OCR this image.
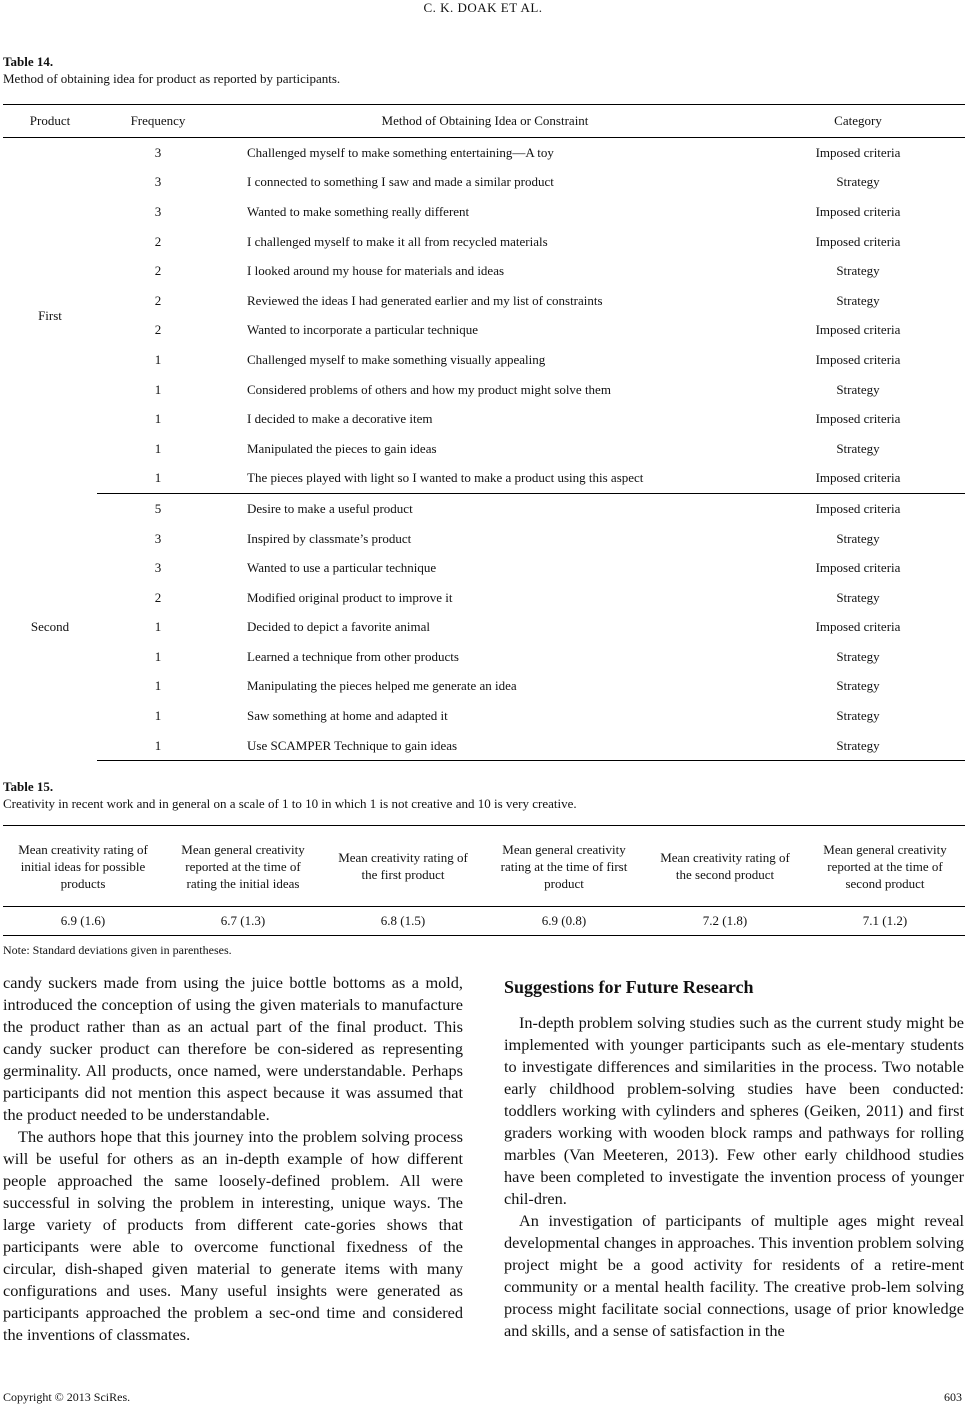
C. K. DOAK ET AL.
Table 14.
Method of obtaining idea for product as reported by participants.
Product	Frequency	Method of Obtaining Idea or Constraint	Category
First	3	Challenged myself to make something entertaining—A toy	Imposed criteria
	3	I connected to something I saw and made a similar product	Strategy
	3	Wanted to make something really different	Imposed criteria
	2	I challenged myself to make it all from recycled materials	Imposed criteria
	2	I looked around my house for materials and ideas	Strategy
	2	Reviewed the ideas I had generated earlier and my list of constraints	Strategy
	2	Wanted to incorporate a particular technique	Imposed criteria
	1	Challenged myself to make something visually appealing	Imposed criteria
	1	Considered problems of others and how my product might solve them	Strategy
	1	I decided to make a decorative item	Imposed criteria
	1	Manipulated the pieces to gain ideas	Strategy
	1	The pieces played with light so I wanted to make a product using this aspect	Imposed criteria
Second	5	Desire to make a useful product	Imposed criteria
	3	Inspired by classmate’s product	Strategy
	3	Wanted to use a particular technique	Imposed criteria
	2	Modified original product to improve it	Strategy
	1	Decided to depict a favorite animal	Imposed criteria
	1	Learned a technique from other products	Strategy
	1	Manipulating the pieces helped me generate an idea	Strategy
	1	Saw something at home and adapted it	Strategy
	1	Use SCAMPER Technique to gain ideas	Strategy
Table 15.
Creativity in recent work and in general on a scale of 1 to 10 in which 1 is not creative and 10 is very creative.
Mean creativity rating of initial ideas for possible products	Mean general creativity reported at the time of rating the initial ideas	Mean creativity rating of the first product	Mean general creativity rating at the time of first product	Mean creativity rating of the second product	Mean general creativity reported at the time of second product
6.9 (1.6)	6.7 (1.3)	6.8 (1.5)	6.9 (0.8)	7.2 (1.8)	7.1 (1.2)
Note: Standard deviations given in parentheses.

candy suckers made from using the juice bottle bottoms as a mold, introduced the conception of using the given materials to manufacture the product rather than as an actual part of the final product. This candy sucker product can therefore be con-sidered as representing germinality. All products, once named, were understandable. Perhaps participants did not mention this aspect because it was assumed that the product needed to be understandable.

The authors hope that this journey into the problem solving process will be useful for others as an in-depth example of how different people approached the same loosely-defined problem. All were successful in solving the problem in interesting, unique ways. The large variety of products from different cate-gories shows that participants were able to overcome functional fixedness of the circular, dish-shaped given material to generate items with many configurations and uses. Many useful insights were generated as participants approached the problem a sec-ond time and considered the inventions of classmates.

Suggestions for Future Research

In-depth problem solving studies such as the current study might be implemented with younger participants such as ele-mentary students to investigate differences and similarities in the process. Two notable early childhood problem-solving studies have been conducted: toddlers working with cylinders and spheres (Geiken, 2011) and first graders working with wooden block ramps and pathways for rolling marbles (Van Meeteren, 2013). Few other early childhood studies have been completed to investigate the invention process of younger chil-dren.

An investigation of participants of multiple ages might reveal developmental changes in approaches. This invention problem solving project might be a good activity for residents of a retire-ment community or a mental health facility. The creative prob-lem solving process might facilitate social connections, usage of prior knowledge and skills, and a sense of satisfaction in the

Copyright © 2013 SciRes.	603
